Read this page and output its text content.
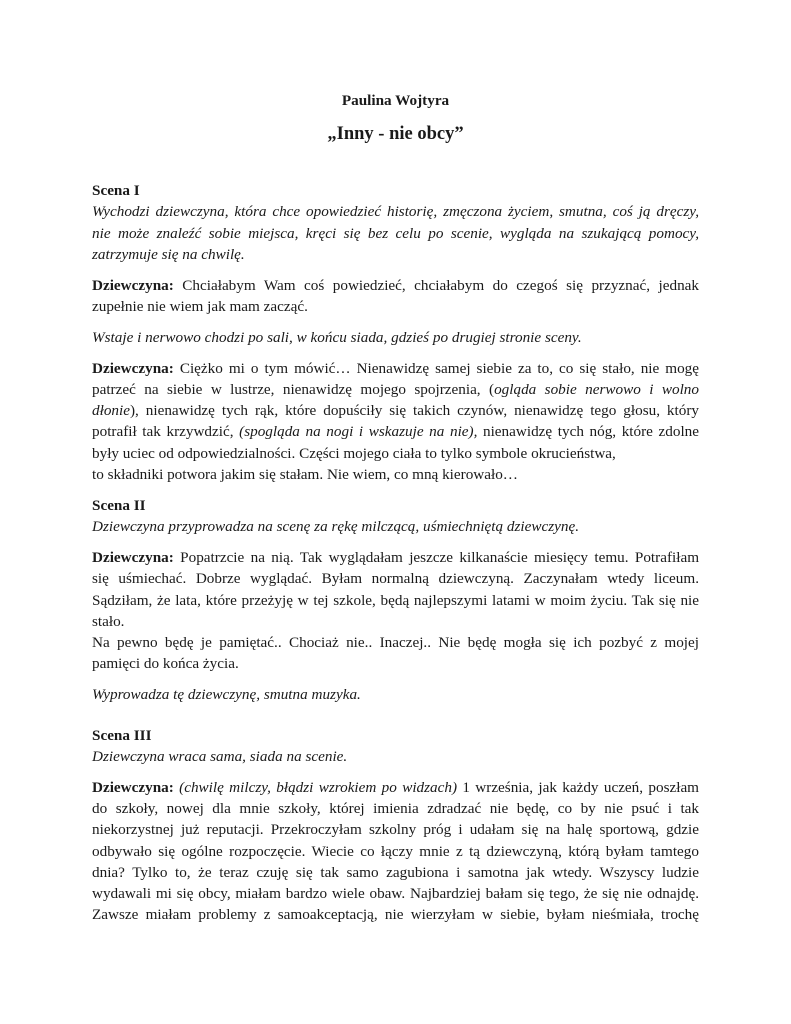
Paulina Wojtyra
„Inny - nie obcy”
Scena I
Wychodzi dziewczyna, która chce opowiedzieć historię, zmęczona życiem, smutna, coś ją dręczy,
nie może znaleźć sobie miejsca, kręci się bez celu po scenie, wygląda na szukającą pomocy,
zatrzymuje się na chwilę.
Dziewczyna: Chciałabym Wam coś powiedzieć, chciałabym do czegoś się przyznać, jednak
zupełnie nie wiem jak mam zacząć.
Wstaje i nerwowo chodzi po sali, w końcu siada, gdzieś po drugiej stronie sceny.
Dziewczyna: Ciężko mi o tym mówić… Nienawidzę samej siebie za to, co się stało, nie mogę
patrzeć na siebie w lustrze, nienawidzę mojego spojrzenia, (ogląda sobie nerwowo i wolno
dłonie), nienawidzę tych rąk, które dopuściły się takich czynów, nienawidzę tego głosu, który
potrafił tak krzywdzić, (spogląda na nogi i wskazuje na nie), nienawidzę tych nóg, które zdolne
były uciec od odpowiedzialności. Części mojego ciała to tylko symbole okrucieństwa,
to składniki potwora jakim się stałam. Nie wiem, co mną kierowało…
Scena II
Dziewczyna przyprowadza na scenę za rękę milczącą, uśmiechniętą dziewczynę.
Dziewczyna: Popatrzcie na nią. Tak wyglądałam jeszcze kilkanaście miesięcy temu. Potrafiłam
się uśmiechać. Dobrze wyglądać. Byłam normalną dziewczyną. Zaczynałam wtedy liceum.
Sądziłam, że lata, które przeżyję w tej szkole, będą najlepszymi latami w moim życiu. Tak się nie
stało.
Na pewno będę je pamiętać.. Chociaż nie.. Inaczej.. Nie będę mogła się ich pozbyć z mojej
pamięci do końca życia.
Wyprowadza tę dziewczynę, smutna muzyka.
Scena III
Dziewczyna wraca sama, siada na scenie.
Dziewczyna: (chwilę milczy, błądzi wzrokiem po widzach) 1 września, jak każdy uczeń, poszłam
do szkoły, nowej dla mnie szkoły, której imienia zdradzać nie będę, co by nie psuć i tak
niekorzystnej już reputacji. Przekroczyłam szkolny próg i udałam się na halę sportową, gdzie
odbywało się ogólne rozpoczęcie. Wiecie co łączy mnie z tą dziewczyną, którą byłam tamtego
dnia? Tylko to, że teraz czuję się tak samo zagubiona i samotna jak wtedy. Wszyscy ludzie
wydawali mi się obcy, miałam bardzo wiele obaw. Najbardziej bałam się tego, że się nie odnajdę.
Zawsze miałam problemy z samoakceptacją, nie wierzyłam w siebie, byłam nieśmiała, trochę
